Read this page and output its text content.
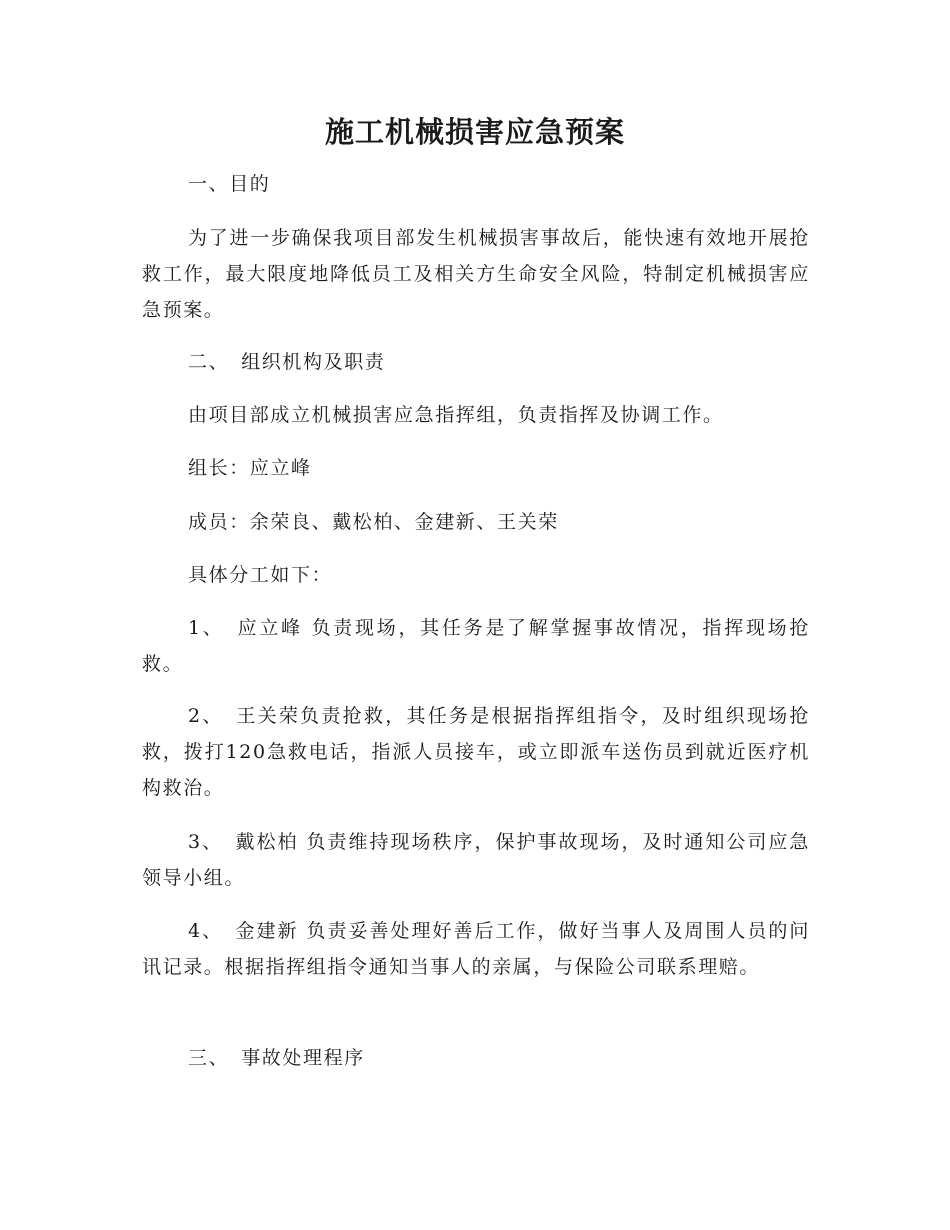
施工机械损害应急预案

一、目的

为了进一步确保我项目部发生机械损害事故后，能快速有效地开展抢救工作，最大限度地降低员工及相关方生命安全风险，特制定机械损害应急预案。

二、 组织机构及职责

由项目部成立机械损害应急指挥组，负责指挥及协调工作。

组长：应立峰

成员：余荣良、戴松柏、金建新、王关荣

具体分工如下：

1、 应立峰 负责现场，其任务是了解掌握事故情况，指挥现场抢救。

2、 王关荣负责抢救，其任务是根据指挥组指令，及时组织现场抢救，拨打120急救电话，指派人员接车，或立即派车送伤员到就近医疗机构救治。

3、 戴松柏 负责维持现场秩序，保护事故现场，及时通知公司应急领导小组。

4、 金建新 负责妥善处理好善后工作，做好当事人及周围人员的问讯记录。根据指挥组指令通知当事人的亲属，与保险公司联系理赔。

三、 事故处理程序
